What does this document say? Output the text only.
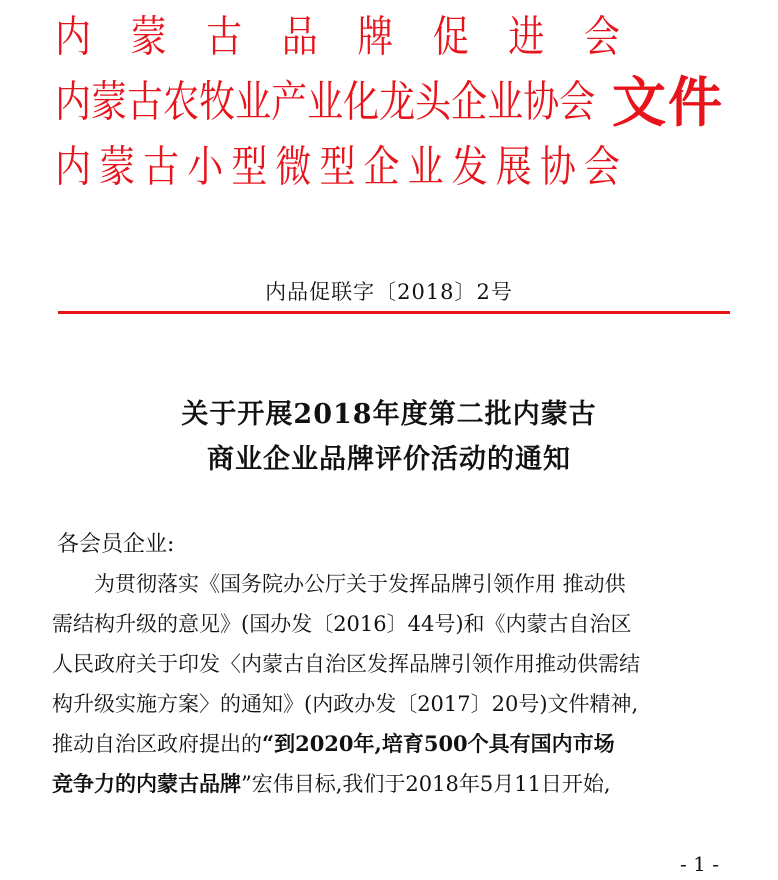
内 蒙 古 品 牌 促 进 会
内 蒙 古 农 牧 业 产 业 化 龙 头 企 业 协 会 文件
内 蒙 古 小 型 微 型 企 业 发 展 协 会
内品促联字〔2018〕2号
关于开展2018年度第二批内蒙古
商业企业品牌评价活动的通知
各会员企业:
　　为贯彻落实《国务院办公厅关于发挥品牌引领作用 推动供
需结构升级的意见》(国办发〔2016〕44号)和《内蒙古自治区
人民政府关于印发〈内蒙古自治区发挥品牌引领作用推动供需结
构升级实施方案〉的通知》(内政办发〔2017〕20号)文件精神,
推动自治区政府提出的“到2020年,培育500个具有国内市场
竞争力的内蒙古品牌”宏伟目标,我们于2018年5月11日开始,
- 1 -
